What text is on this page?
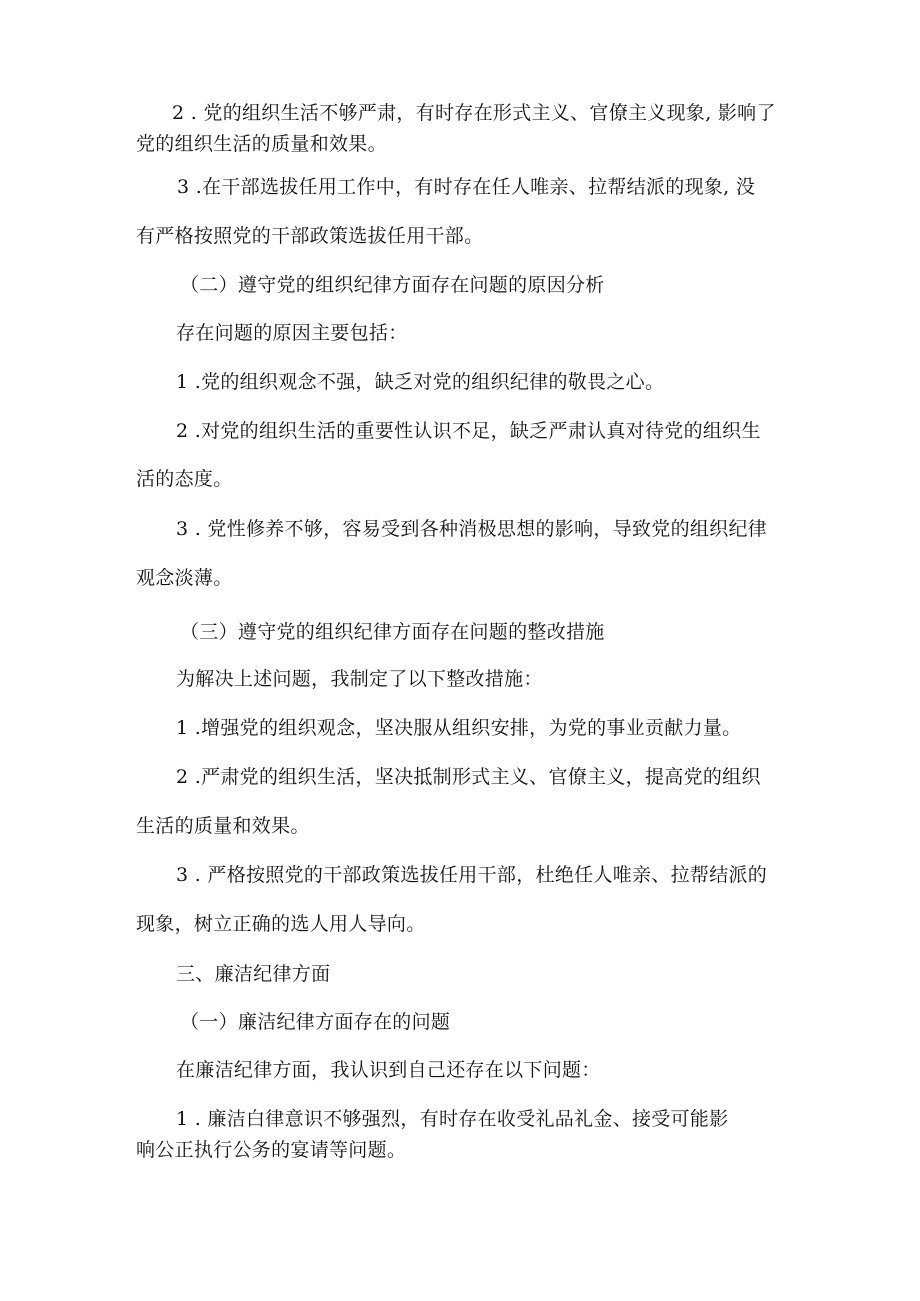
2 . 党的组织生活不够严肃，有时存在形式主义、官僚主义现象, 影响了
党的组织生活的质量和效果。
3 .在干部选拔任用工作中，有时存在任人唯亲、拉帮结派的现象, 没
有严格按照党的干部政策选拔任用干部。
（二）遵守党的组织纪律方面存在问题的原因分析
存在问题的原因主要包括：
1 .党的组织观念不强，缺乏对党的组织纪律的敬畏之心。
2 .对党的组织生活的重要性认识不足，缺乏严肃认真对待党的组织生
活的态度。
3 . 党性修养不够，容易受到各种消极思想的影响，导致党的组织纪律
观念淡薄。
（三）遵守党的组织纪律方面存在问题的整改措施
为解决上述问题，我制定了以下整改措施：
1 .增强党的组织观念，坚决服从组织安排，为党的事业贡献力量。
2 .严肃党的组织生活，坚决抵制形式主义、官僚主义，提高党的组织
生活的质量和效果。
3 . 严格按照党的干部政策选拔任用干部，杜绝任人唯亲、拉帮结派的
现象，树立正确的选人用人导向。
三、廉洁纪律方面
（一）廉洁纪律方面存在的问题
在廉洁纪律方面，我认识到自己还存在以下问题：
1 . 廉洁白律意识不够强烈，有时存在收受礼品礼金、接受可能影
响公正执行公务的宴请等问题。
